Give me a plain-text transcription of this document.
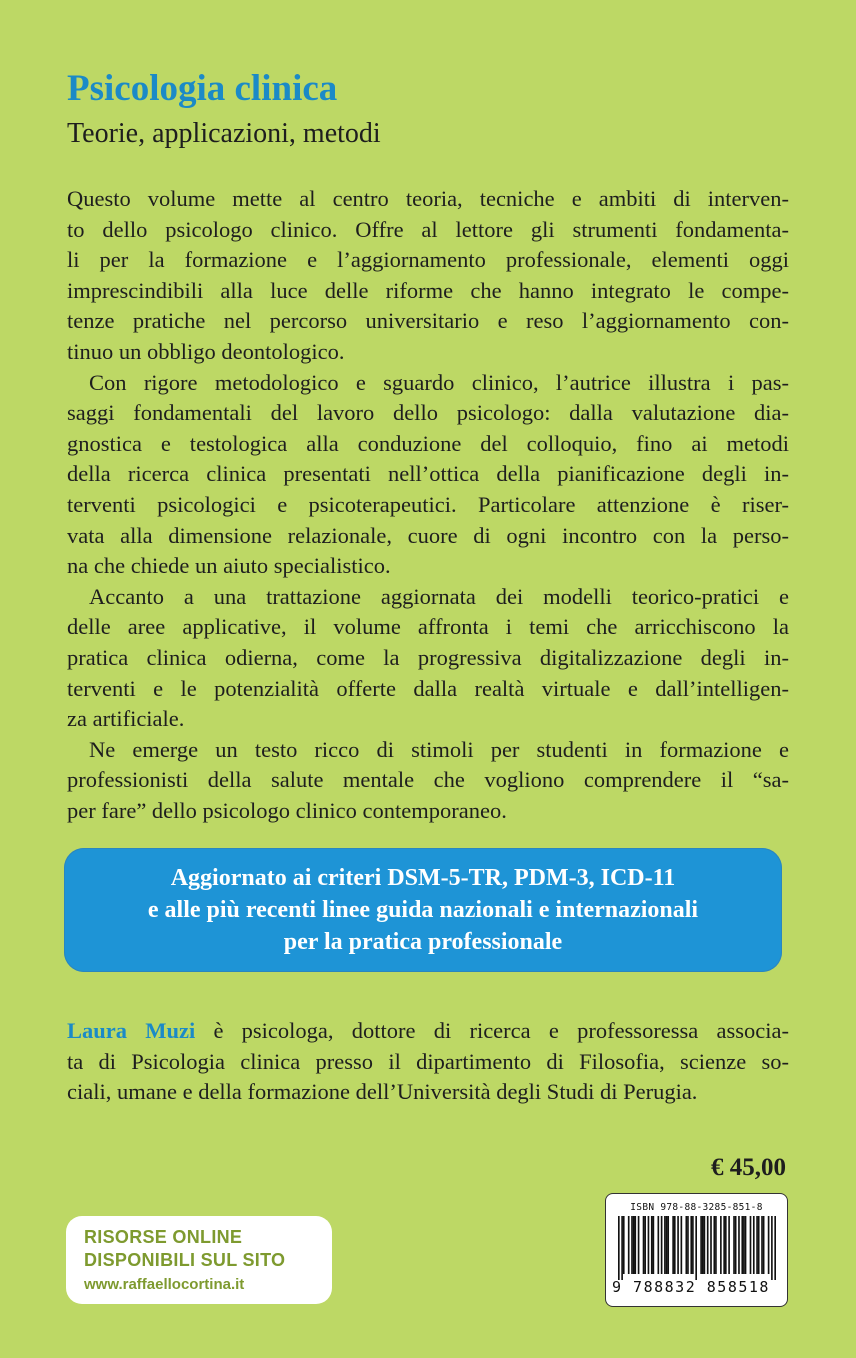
Psicologia clinica
Teorie, applicazioni, metodi
Questo volume mette al centro teoria, tecniche e ambiti di interven-
to dello psicologo clinico. Offre al lettore gli strumenti fondamenta-
li per la formazione e l’aggiornamento professionale, elementi oggi
imprescindibili alla luce delle riforme che hanno integrato le compe-
tenze pratiche nel percorso universitario e reso l’aggiornamento con-
tinuo un obbligo deontologico.
Con rigore metodologico e sguardo clinico, l’autrice illustra i pas-
saggi fondamentali del lavoro dello psicologo: dalla valutazione dia-
gnostica e testologica alla conduzione del colloquio, fino ai metodi
della ricerca clinica presentati nell’ottica della pianificazione degli in-
terventi psicologici e psicoterapeutici. Particolare attenzione è riser-
vata alla dimensione relazionale, cuore di ogni incontro con la perso-
na che chiede un aiuto specialistico.
Accanto a una trattazione aggiornata dei modelli teorico-pratici e
delle aree applicative, il volume affronta i temi che arricchiscono la
pratica clinica odierna, come la progressiva digitalizzazione degli in-
terventi e le potenzialità offerte dalla realtà virtuale e dall’intelligen-
za artificiale.
Ne emerge un testo ricco di stimoli per studenti in formazione e
professionisti della salute mentale che vogliono comprendere il “sa-
per fare” dello psicologo clinico contemporaneo.
Aggiornato ai criteri DSM-5-TR, PDM-3, ICD-11
e alle più recenti linee guida nazionali e internazionali
per la pratica professionale
Laura Muzi è psicologa, dottore di ricerca e professoressa associa-
ta di Psicologia clinica presso il dipartimento di Filosofia, scienze so-
ciali, umane e della formazione dell’Università degli Studi di Perugia.
€ 45,00
ISBN 978-88-3285-851-8
9 788832 858518
RISORSE ONLINE
DISPONIBILI SUL SITO
www.raffaellocortina.it
